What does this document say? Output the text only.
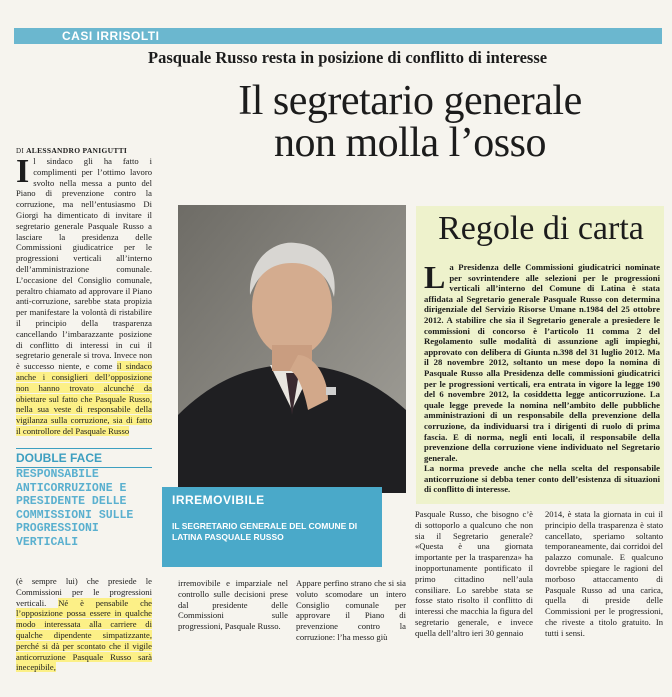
CASI IRRISOLTI
Pasquale Russo resta in posizione di conflitto di interesse
Il segretario generale
non molla l’osso
DI ALESSANDRO PANIGUTTI
Il sindaco gli ha fatto i complimenti per l’ottimo lavoro svolto nella messa a punto del Piano di prevenzione contro la corruzione, ma nell’entusiasmo Di Giorgi ha dimenticato di invitare il segretario generale Pasquale Russo a lasciare la presidenza delle Commissioni giudicatrice per le progressioni verticali all’interno dell’amministrazione comunale. L’occasione del Consiglio comunale, peraltro chiamato ad approvare il Piano anti-corruzione, sarebbe stata propizia per manifestare la volontà di ristabilire il principio della trasparenza cancellando l’imbarazzante posizione di conflitto di interessi in cui il segretario generale si trova. Invece non è successo niente, e come il sindaco anche i consiglieri dell’opposizione non hanno trovato alcunché da obiettare sul fatto che Pasquale Russo, nella sua veste di responsabile della vigilanza sulla corruzione, sia di fatto il controllore del Pasquale Russo
DOUBLE FACE
RESPONSABILE ANTICORRUZIONE E PRESIDENTE DELLE COMMISSIONI SULLE PROGRESSIONI VERTICALI
(è sempre lui) che presiede le Commissioni per le progressioni verticali. Né è pensabile che l’opposizione possa essere in qualche modo interessata alla carriere di qualche dipendente simpatizzante, perché si dà per scontato che il vigile anticorruzione Pasquale Russo sarà inecepibile,
IRREMOVIBILE
IL SEGRETARIO GENERALE DEL COMUNE DI LATINA PASQUALE RUSSO
Regole di carta
La Presidenza delle Commissioni giudicatrici nominate per sovrintendere alle selezioni per le progressioni verticali all’interno del Comune di Latina è stata affidata al Segretario generale Pasquale Russo con determina dirigenziale del Servizio Risorse Umane n.1984 del 25 ottobre 2012. A stabilire che sia il Segretario generale a presiedere le commissioni di concorso è l’articolo 11 comma 2 del Regolamento sulle modalità di assunzione agli impieghi, approvato con delibera di Giunta n.398 del 31 luglio 2012. Ma il 28 novembre 2012, soltanto un mese dopo la nomina di Pasquale Russo alla Presidenza delle commissioni giudicatrici per le progressioni verticali, era entrata in vigore la legge 190 del 6 novembre 2012, la cosiddetta legge anticorruzione. La quale legge prevede la nomina nell’ambito delle pubbliche amministrazioni di un responsabile della prevenzione della corruzione, da individuarsi tra i dirigenti di ruolo di prima fascia. E di norma, negli enti locali, il responsabile della prevenzione della corruzione viene individuato nel Segretario generale.
La norma prevede anche che nella scelta del responsabile anticorruzione si debba tener conto dell’esistenza di situazioni di conflitto di interesse.
irremovibile e imparziale nel controllo sulle decisioni prese dal presidente delle Commissioni sulle progressioni, Pasquale Russo.
Appare perfino strano che si sia voluto scomodare un intero Consiglio comunale per approvare il Piano di prevenzione contro la corruzione: l’ha messo giù
Pasquale Russo, che bisogno c’è di sottoporlo a qualcuno che non sia il Segretario generale? «Questa è una giornata importante per la trasparenza» ha inopportunamente pontificato il primo cittadino nell’aula consiliare. Lo sarebbe stata se fosse stato risolto il conflitto di interessi che macchia la figura del segretario generale, e invece quella dell’altro ieri 30 gennaio
2014, è stata la giornata in cui il principio della trasparenza è stato cancellato, speriamo soltanto temporaneamente, dai corridoi del palazzo comunale. E qualcuno dovrebbe spiegare le ragioni del morboso attaccamento di Pasquale Russo ad una carica, quella di preside delle Commissioni per le progressioni, che riveste a titolo gratuito. In tutti i sensi.
